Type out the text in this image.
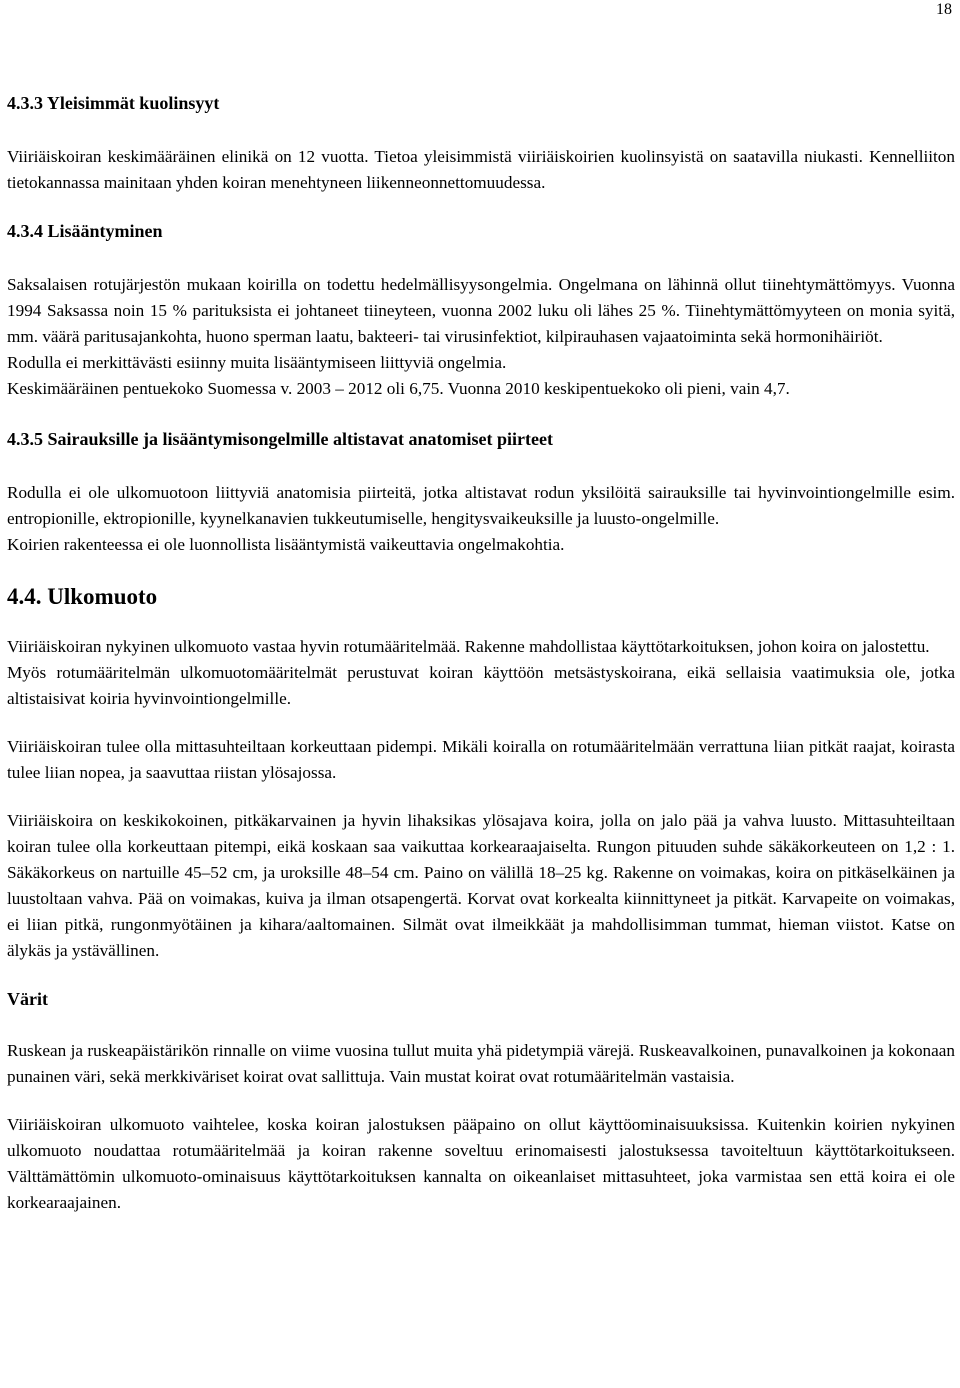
18
4.3.3 Yleisimmät kuolinsyyt

Viiriäiskoiran keskimääräinen elinikä on 12 vuotta. Tietoa yleisimmistä viiriäiskoirien kuolinsyistä on saatavilla niukasti. Kennelliiton tietokannassa mainitaan yhden koiran menehtyneen liikenneonnettomuudessa.

4.3.4 Lisääntyminen

Saksalaisen rotujärjestön mukaan koirilla on todettu hedelmällisyysongelmia. Ongelmana on lähinnä ollut tiinehtymättömyys. Vuonna 1994 Saksassa noin 15 % parituksista ei johtaneet tiineyteen, vuonna 2002 luku oli lähes 25 %. Tiinehtymättömyyteen on monia syitä, mm. väärä paritusajankohta, huono sperman laatu, bakteeri- tai virusinfektiot, kilpirauhasen vajaatoiminta sekä hormonihäiriöt.

Rodulla ei merkittävästi esiinny muita lisääntymiseen liittyviä ongelmia.

Keskimääräinen pentuekoko Suomessa v. 2003 – 2012 oli 6,75. Vuonna 2010 keskipentuekoko oli pieni, vain 4,7.

4.3.5 Sairauksille ja lisääntymisongelmille altistavat anatomiset piirteet

Rodulla ei ole ulkomuotoon liittyviä anatomisia piirteitä, jotka altistavat rodun yksilöitä sairauksille tai hyvinvointiongelmille esim. entropionille, ektropionille, kyynelkanavien tukkeutumiselle, hengitysvaikeuksille ja luusto-ongelmille.

Koirien rakenteessa ei ole luonnollista lisääntymistä vaikeuttavia ongelmakohtia.

4.4. Ulkomuoto

Viiriäiskoiran nykyinen ulkomuoto vastaa hyvin rotumääritelmää. Rakenne mahdollistaa käyttötarkoituksen, johon koira on jalostettu.

Myös rotumääritelmän ulkomuotomääritelmät perustuvat koiran käyttöön metsästyskoirana, eikä sellaisia vaatimuksia ole, jotka altistaisivat koiria hyvinvointiongelmille.

Viiriäiskoiran tulee olla mittasuhteiltaan korkeuttaan pidempi. Mikäli koiralla on rotumääritelmään verrattuna liian pitkät raajat, koirasta tulee liian nopea, ja saavuttaa riistan ylösajossa.

Viiriäiskoira on keskikokoinen, pitkäkarvainen ja hyvin lihaksikas ylösajava koira, jolla on jalo pää ja vahva luusto. Mittasuhteiltaan koiran tulee olla korkeuttaan pitempi, eikä koskaan saa vaikuttaa korkearaajaiselta. Rungon pituuden suhde säkäkorkeuteen on 1,2 : 1. Säkäkorkeus on nartuille 45–52 cm, ja uroksille 48–54 cm. Paino on välillä 18–25 kg. Rakenne on voimakas, koira on pitkäselkäinen ja luustoltaan vahva. Pää on voimakas, kuiva ja ilman otsapengertä. Korvat ovat korkealta kiinnittyneet ja pitkät. Karvapeite on voimakas, ei liian pitkä, rungonmyötäinen ja kihara/aaltomainen. Silmät ovat ilmeikkäät ja mahdollisimman tummat, hieman viistot. Katse on älykäs ja ystävällinen.

Värit

Ruskean ja ruskeapäistärikön rinnalle on viime vuosina tullut muita yhä pidetympiä värejä. Ruskeavalkoinen, punavalkoinen ja kokonaan punainen väri, sekä merkkiväriset koirat ovat sallittuja. Vain mustat koirat ovat rotumääritelmän vastaisia.

Viiriäiskoiran ulkomuoto vaihtelee, koska koiran jalostuksen pääpaino on ollut käyttöominaisuuksissa. Kuitenkin koirien nykyinen ulkomuoto noudattaa rotumääritelmää ja koiran rakenne soveltuu erinomaisesti jalostuksessa tavoiteltuun käyttötarkoitukseen. Välttämättömin ulkomuoto-ominaisuus käyttötarkoituksen kannalta on oikeanlaiset mittasuhteet, joka varmistaa sen että koira ei ole korkearaajainen.
